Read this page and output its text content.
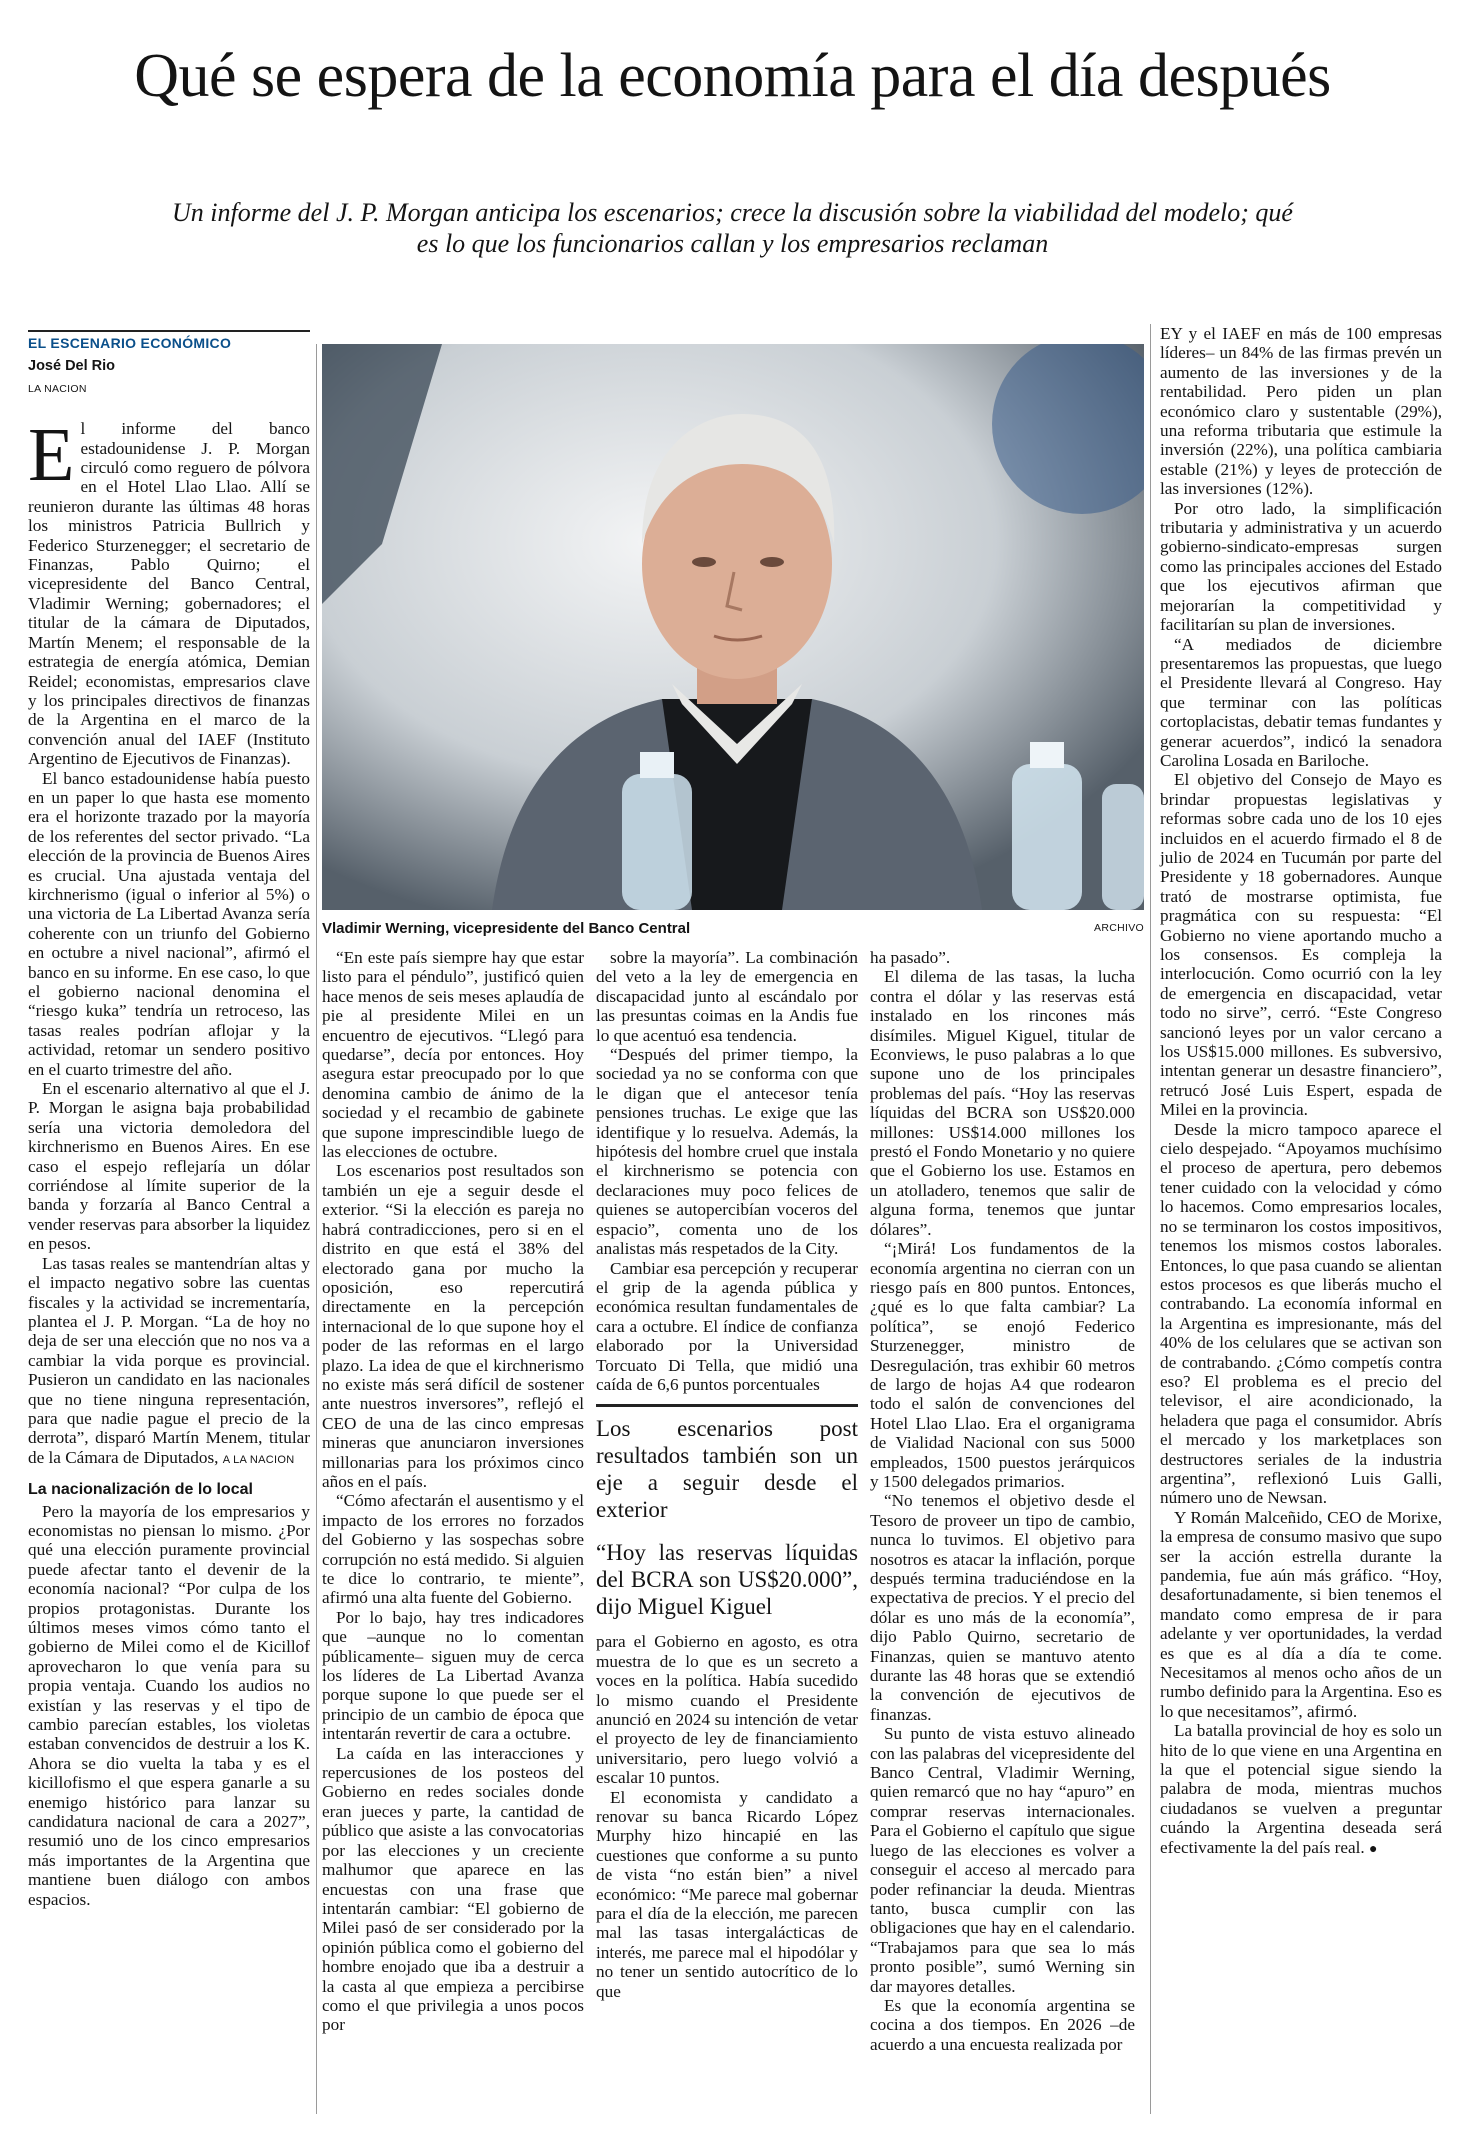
Qué se espera de la economía para el día después

Un informe del J. P. Morgan anticipa los escenarios; crece la discusión sobre la viabilidad del modelo; qué es lo que los funcionarios callan y los empresarios reclaman

EL ESCENARIO ECONÓMICO
José Del Rio
LA NACION

El informe del banco estadounidense J. P. Morgan circuló como reguero de pólvora en el Hotel Llao Llao. Allí se reunieron durante las últimas 48 horas los ministros Patricia Bullrich y Federico Sturzenegger; el secretario de Finanzas, Pablo Quirno; el vicepresidente del Banco Central, Vladimir Werning; gobernadores; el titular de la cámara de Diputados, Martín Menem; el responsable de la estrategia de energía atómica, Demian Reidel; economistas, empresarios clave y los principales directivos de finanzas de la Argentina en el marco de la convención anual del IAEF (Instituto Argentino de Ejecutivos de Finanzas).

El banco estadounidense había puesto en un paper lo que hasta ese momento era el horizonte trazado por la mayoría de los referentes del sector privado. “La elección de la provincia de Buenos Aires es crucial. Una ajustada ventaja del kirchnerismo (igual o inferior al 5%) o una victoria de La Libertad Avanza sería coherente con un triunfo del Gobierno en octubre a nivel nacional”, afirmó el banco en su informe. En ese caso, lo que el gobierno nacional denomina el “riesgo kuka” tendría un retroceso, las tasas reales podrían aflojar y la actividad, retomar un sendero positivo en el cuarto trimestre del año.

En el escenario alternativo al que el J. P. Morgan le asigna baja probabilidad sería una victoria demoledora del kirchnerismo en Buenos Aires. En ese caso el espejo reflejaría un dólar corriéndose al límite superior de la banda y forzaría al Banco Central a vender reservas para absorber la liquidez en pesos.

Las tasas reales se mantendrían altas y el impacto negativo sobre las cuentas fiscales y la actividad se incrementaría, plantea el J. P. Morgan. “La de hoy no deja de ser una elección que no nos va a cambiar la vida porque es provincial. Pusieron un candidato en las nacionales que no tiene ninguna representación, para que nadie pague el precio de la derrota”, disparó Martín Menem, titular de la Cámara de Diputados, A LA NACION

La nacionalización de lo local

Pero la mayoría de los empresarios y economistas no piensan lo mismo. ¿Por qué una elección puramente provincial puede afectar tanto el devenir de la economía nacional? “Por culpa de los propios protagonistas. Durante los últimos meses vimos cómo tanto el gobierno de Milei como el de Kicillof aprovecharon lo que venía para su propia ventaja. Cuando los audios no existían y las reservas y el tipo de cambio parecían estables, los violetas estaban convencidos de destruir a los K. Ahora se dio vuelta la taba y es el kicillofismo el que espera ganarle a su enemigo histórico para lanzar su candidatura nacional de cara a 2027”, resumió uno de los cinco empresarios más importantes de la Argentina que mantiene buen diálogo con ambos espacios.

Vladimir Werning, vicepresidente del Banco Central	ARCHIVO

“En este país siempre hay que estar listo para el péndulo”, justificó quien hace menos de seis meses aplaudía de pie al presidente Milei en un encuentro de ejecutivos. “Llegó para quedarse”, decía por entonces. Hoy asegura estar preocupado por lo que denomina cambio de ánimo de la sociedad y el recambio de gabinete que supone imprescindible luego de las elecciones de octubre.

Los escenarios post resultados son también un eje a seguir desde el exterior. “Si la elección es pareja no habrá contradicciones, pero si en el distrito en que está el 38% del electorado gana por mucho la oposición, eso repercutirá directamente en la percepción internacional de lo que supone hoy el poder de las reformas en el largo plazo. La idea de que el kirchnerismo no existe más será difícil de sostener ante nuestros inversores”, reflejó el CEO de una de las cinco empresas mineras que anunciaron inversiones millonarias para los próximos cinco años en el país.

“Cómo afectarán el ausentismo y el impacto de los errores no forzados del Gobierno y las sospechas sobre corrupción no está medido. Si alguien te dice lo contrario, te miente”, afirmó una alta fuente del Gobierno.

Por lo bajo, hay tres indicadores que –aunque no lo comentan públicamente– siguen muy de cerca los líderes de La Libertad Avanza porque supone lo que puede ser el principio de un cambio de época que intentarán revertir de cara a octubre.

La caída en las interacciones y repercusiones de los posteos del Gobierno en redes sociales donde eran jueces y parte, la cantidad de público que asiste a las convocatorias por las elecciones y un creciente malhumor que aparece en las encuestas con una frase que intentarán cambiar: “El gobierno de Milei pasó de ser considerado por la opinión pública como el gobierno del hombre enojado que iba a destruir a la casta al que empieza a percibirse como el que privilegia a unos pocos por

sobre la mayoría”. La combinación del veto a la ley de emergencia en discapacidad junto al escándalo por las presuntas coimas en la Andis fue lo que acentuó esa tendencia.

“Después del primer tiempo, la sociedad ya no se conforma con que le digan que el antecesor tenía pensiones truchas. Le exige que las identifique y lo resuelva. Además, la hipótesis del hombre cruel que instala el kirchnerismo se potencia con declaraciones muy poco felices de quienes se autopercibían voceros del espacio”, comenta uno de los analistas más respetados de la City.

Cambiar esa percepción y recuperar el grip de la agenda pública y económica resultan fundamentales de cara a octubre. El índice de confianza elaborado por la Universidad Torcuato Di Tella, que midió una caída de 6,6 puntos porcentuales

Los escenarios post resultados también son un eje a seguir desde el exterior
“Hoy las reservas líquidas del BCRA son US$20.000”, dijo Miguel Kiguel

para el Gobierno en agosto, es otra muestra de lo que es un secreto a voces en la política. Había sucedido lo mismo cuando el Presidente anunció en 2024 su intención de vetar el proyecto de ley de financiamiento universitario, pero luego volvió a escalar 10 puntos.

El economista y candidato a renovar su banca Ricardo López Murphy hizo hincapié en las cuestiones que conforme a su punto de vista “no están bien” a nivel económico: “Me parece mal gobernar para el día de la elección, me parecen mal las tasas intergalácticas de interés, me parece mal el hipodólar y no tener un sentido autocrítico de lo que

ha pasado”.

El dilema de las tasas, la lucha contra el dólar y las reservas está instalado en los rincones más disímiles. Miguel Kiguel, titular de Econviews, le puso palabras a lo que supone uno de los principales problemas del país. “Hoy las reservas líquidas del BCRA son US$20.000 millones: US$14.000 millones los prestó el Fondo Monetario y no quiere que el Gobierno los use. Estamos en un atolladero, tenemos que salir de alguna forma, tenemos que juntar dólares”.

“¡Mirá! Los fundamentos de la economía argentina no cierran con un riesgo país en 800 puntos. Entonces, ¿qué es lo que falta cambiar? La política”, se enojó Federico Sturzenegger, ministro de Desregulación, tras exhibir 60 metros de largo de hojas A4 que rodearon todo el salón de convenciones del Hotel Llao Llao. Era el organigrama de Vialidad Nacional con sus 5000 empleados, 1500 puestos jerárquicos y 1500 delegados primarios.

“No tenemos el objetivo desde el Tesoro de proveer un tipo de cambio, nunca lo tuvimos. El objetivo para nosotros es atacar la inflación, porque después termina traduciéndose en la expectativa de precios. Y el precio del dólar es uno más de la economía”, dijo Pablo Quirno, secretario de Finanzas, quien se mantuvo atento durante las 48 horas que se extendió la convención de ejecutivos de finanzas.

Su punto de vista estuvo alineado con las palabras del vicepresidente del Banco Central, Vladimir Werning, quien remarcó que no hay “apuro” en comprar reservas internacionales. Para el Gobierno el capítulo que sigue luego de las elecciones es volver a conseguir el acceso al mercado para poder refinanciar la deuda. Mientras tanto, busca cumplir con las obligaciones que hay en el calendario. “Trabajamos para que sea lo más pronto posible”, sumó Werning sin dar mayores detalles.

Es que la economía argentina se cocina a dos tiempos. En 2026 –de acuerdo a una encuesta realizada por

EY y el IAEF en más de 100 empresas líderes– un 84% de las firmas prevén un aumento de las inversiones y de la rentabilidad. Pero piden un plan económico claro y sustentable (29%), una reforma tributaria que estimule la inversión (22%), una política cambiaria estable (21%) y leyes de protección de las inversiones (12%).

Por otro lado, la simplificación tributaria y administrativa y un acuerdo gobierno-sindicato-empresas surgen como las principales acciones del Estado que los ejecutivos afirman que mejorarían la competitividad y facilitarían su plan de inversiones.

“A mediados de diciembre presentaremos las propuestas, que luego el Presidente llevará al Congreso. Hay que terminar con las políticas cortoplacistas, debatir temas fundantes y generar acuerdos”, indicó la senadora Carolina Losada en Bariloche.

El objetivo del Consejo de Mayo es brindar propuestas legislativas y reformas sobre cada uno de los 10 ejes incluidos en el acuerdo firmado el 8 de julio de 2024 en Tucumán por parte del Presidente y 18 gobernadores. Aunque trató de mostrarse optimista, fue pragmática con su respuesta: “El Gobierno no viene aportando mucho a los consensos. Es compleja la interlocución. Como ocurrió con la ley de emergencia en discapacidad, vetar todo no sirve”, cerró. “Este Congreso sancionó leyes por un valor cercano a los US$15.000 millones. Es subversivo, intentan generar un desastre financiero”, retrucó José Luis Espert, espada de Milei en la provincia.

Desde la micro tampoco aparece el cielo despejado. “Apoyamos muchísimo el proceso de apertura, pero debemos tener cuidado con la velocidad y cómo lo hacemos. Como empresarios locales, no se terminaron los costos impositivos, tenemos los mismos costos laborales. Entonces, lo que pasa cuando se alientan estos procesos es que liberás mucho el contrabando. La economía informal en la Argentina es impresionante, más del 40% de los celulares que se activan son de contrabando. ¿Cómo competís contra eso? El problema es el precio del televisor, el aire acondicionado, la heladera que paga el consumidor. Abrís el mercado y los marketplaces son destructores seriales de la industria argentina”, reflexionó Luis Galli, número uno de Newsan.

Y Román Malceñido, CEO de Morixe, la empresa de consumo masivo que supo ser la acción estrella durante la pandemia, fue aún más gráfico. “Hoy, desafortunadamente, si bien tenemos el mandato como empresa de ir para adelante y ver oportunidades, la verdad es que es al día a día te come. Necesitamos al menos ocho años de un rumbo definido para la Argentina. Eso es lo que necesitamos”, afirmó.

La batalla provincial de hoy es solo un hito de lo que viene en una Argentina en la que el potencial sigue siendo la palabra de moda, mientras muchos ciudadanos se vuelven a preguntar cuándo la Argentina deseada será efectivamente la del país real. ●
